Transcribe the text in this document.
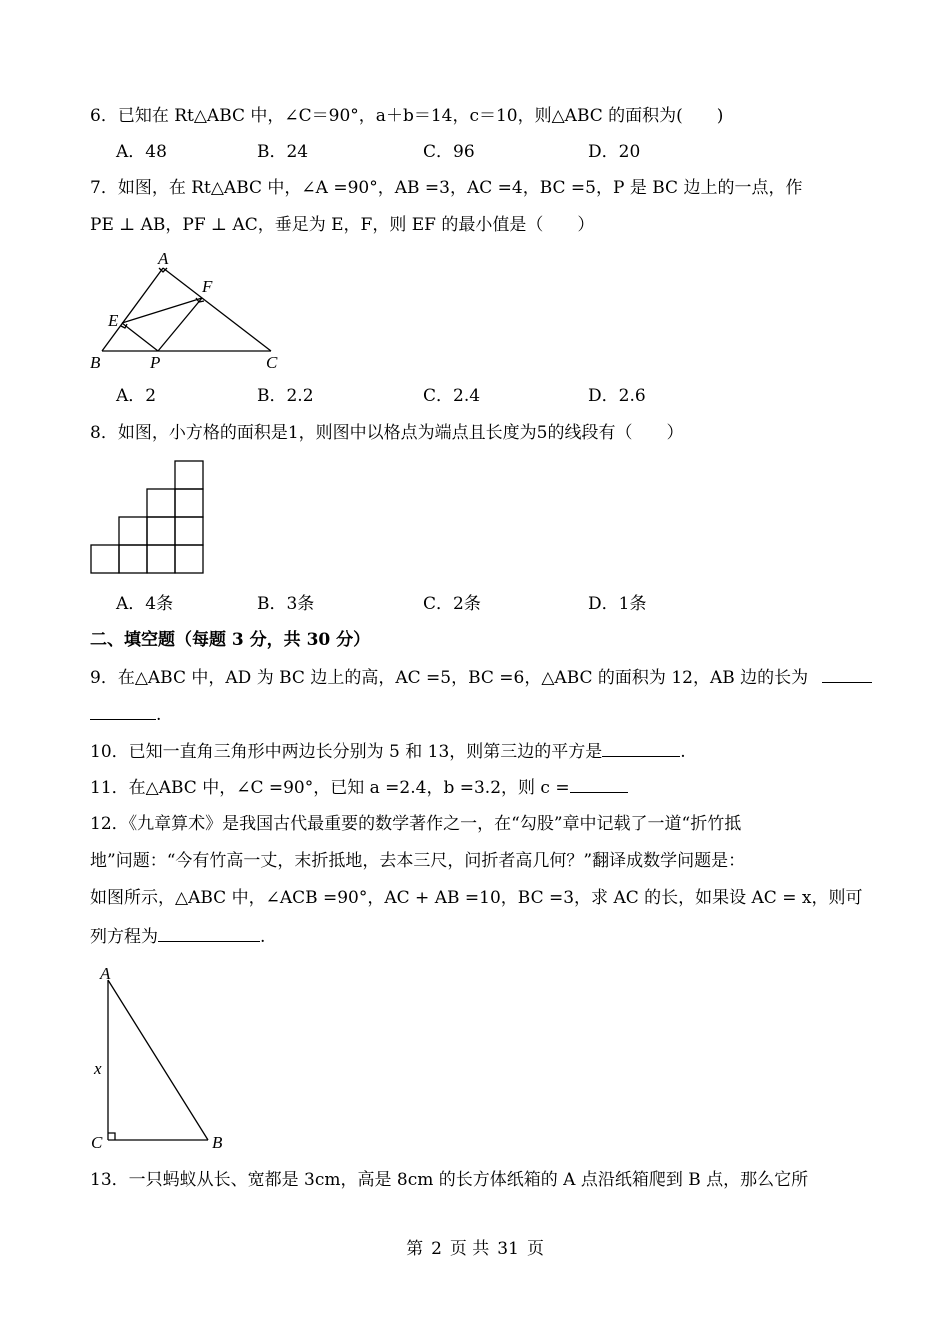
6．已知在 Rt△ABC 中，∠C＝90°，a＋b＝14，c＝10，则△ABC 的面积为(　　)
A．48	B．24	C．96	D．20
7．如图，在 Rt△ABC 中，∠A =90°，AB =3，AC =4，BC =5，P 是 BC 边上的一点，作
PE ⊥ AB，PF ⊥ AC，垂足为 E，F，则 EF 的最小值是（　　）
A
B	C
E
F
P
A．2	B．2.2	C．2.4	D．2.6
8．如图，小方格的面积是1，则图中以格点为端点且长度为5的线段有（　　）
A．4条	B．3条	C．2条	D．1条
二、填空题（每题 3 分，共 30 分）
9．在△ABC 中，AD 为 BC 边上的高，AC =5，BC =6，△ABC 的面积为 12，AB 边的长为
.
10．已知一直角三角形中两边长分别为 5 和 13，则第三边的平方是	.
11．在△ABC 中，∠C =90°，已知 a =2.4，b =3.2，则 c =
12．《九章算术》是我国古代最重要的数学著作之一，在“勾股”章中记载了一道“折竹抵
地”问题：“今有竹高一丈，末折抵地，去本三尺，问折者高几何？”翻译成数学问题是：
如图所示，△ABC 中，∠ACB =90°，AC + AB =10，BC =3，求 AC 的长，如果设 AC = x，则可
列方程为	.
A
C	B
x
13．一只蚂蚁从长、宽都是 3cm，高是 8cm 的长方体纸箱的 A 点沿纸箱爬到 B 点，那么它所
第 2 页 共 31 页
